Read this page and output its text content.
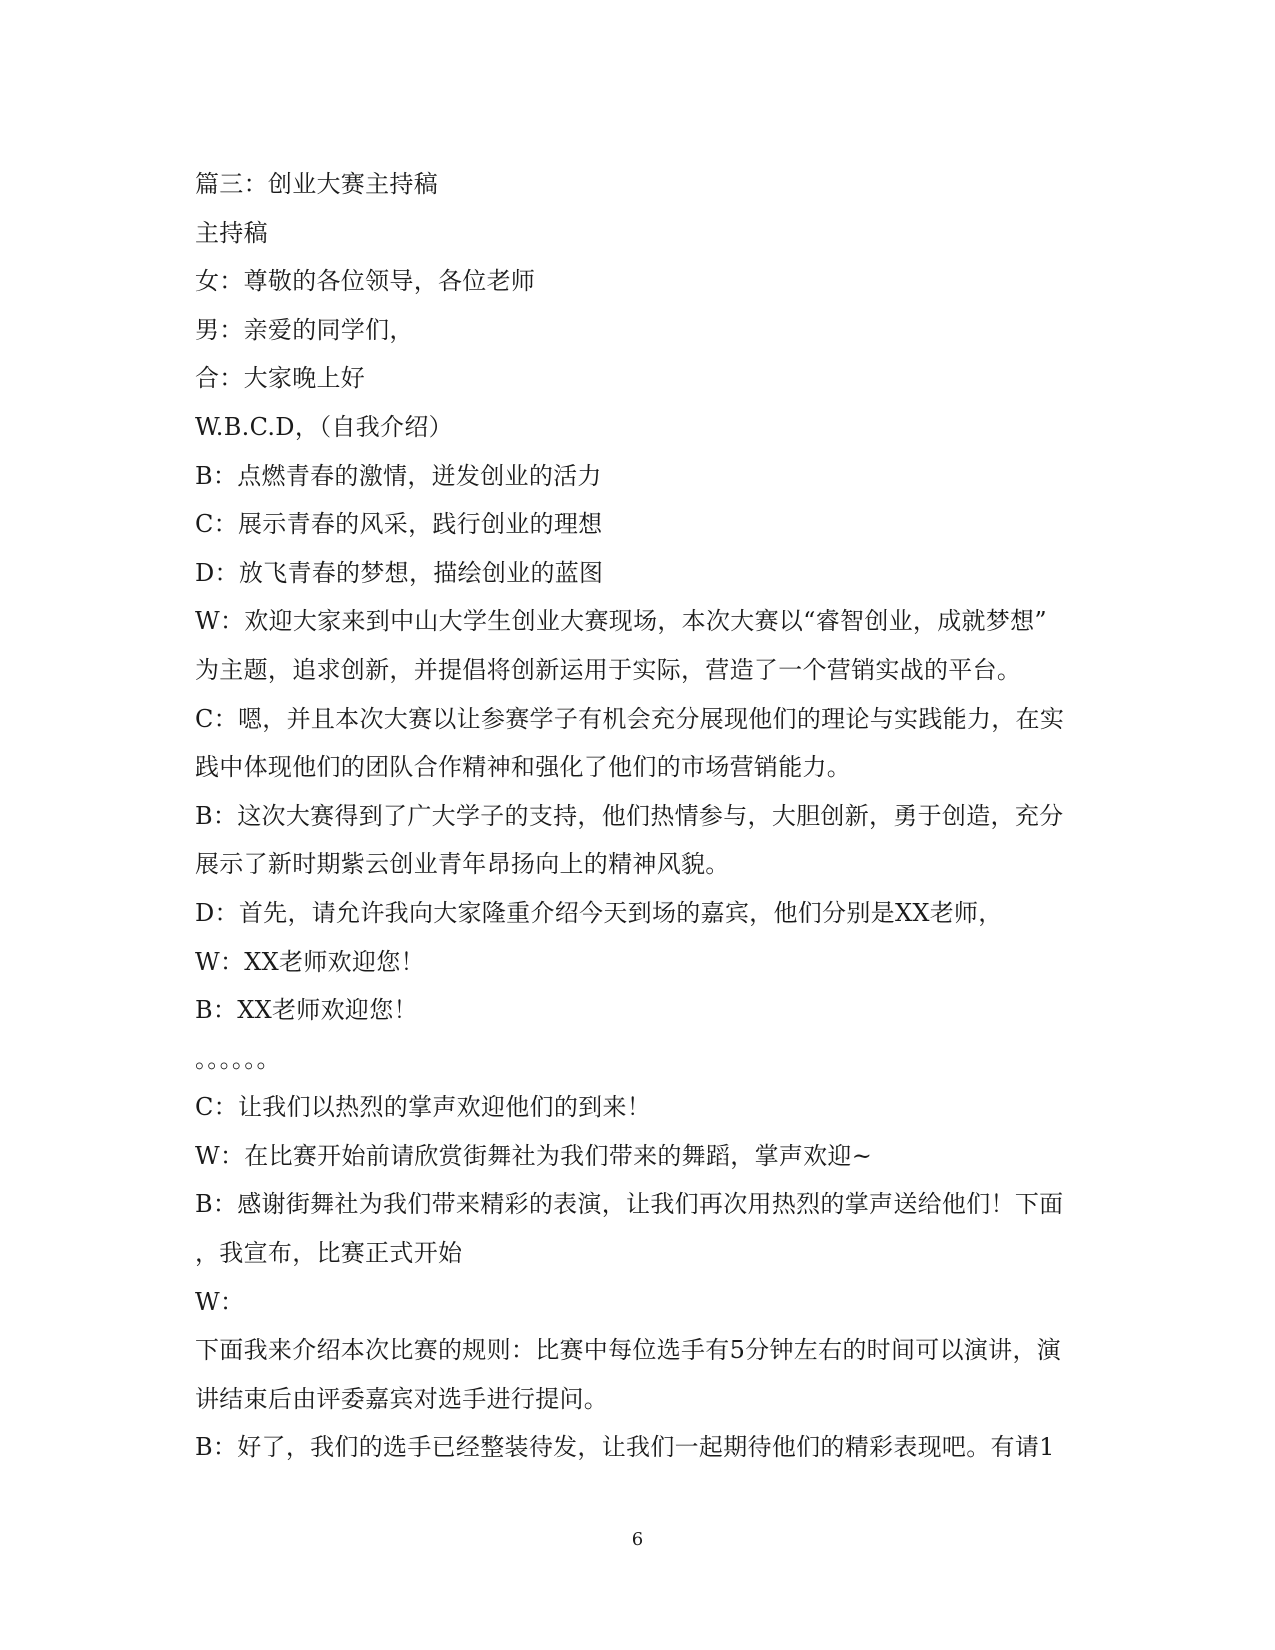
篇三：创业大赛主持稿
主持稿
女：尊敬的各位领导，各位老师
男：亲爱的同学们，
合：大家晚上好
W.B.C.D，（自我介绍）
B：点燃青春的激情，迸发创业的活力
C：展示青春的风采，践行创业的理想
D：放飞青春的梦想，描绘创业的蓝图
W：欢迎大家来到中山大学生创业大赛现场，本次大赛以“睿智创业，成就梦想”
为主题，追求创新，并提倡将创新运用于实际，营造了一个营销实战的平台。
C：嗯，并且本次大赛以让参赛学子有机会充分展现他们的理论与实践能力，在实
践中体现他们的团队合作精神和强化了他们的市场营销能力。
B：这次大赛得到了广大学子的支持，他们热情参与，大胆创新，勇于创造，充分
展示了新时期紫云创业青年昂扬向上的精神风貌。
D：首先，请允许我向大家隆重介绍今天到场的嘉宾，他们分别是XX老师，
W：XX老师欢迎您！
B：XX老师欢迎您！
。。。。。。
C：让我们以热烈的掌声欢迎他们的到来！
W：在比赛开始前请欣赏街舞社为我们带来的舞蹈，掌声欢迎~
B：感谢街舞社为我们带来精彩的表演，让我们再次用热烈的掌声送给他们！下面
，我宣布，比赛正式开始
W：
下面我来介绍本次比赛的规则：比赛中每位选手有5分钟左右的时间可以演讲，演
讲结束后由评委嘉宾对选手进行提问。
B：好了，我们的选手已经整装待发，让我们一起期待他们的精彩表现吧。有请1
6
